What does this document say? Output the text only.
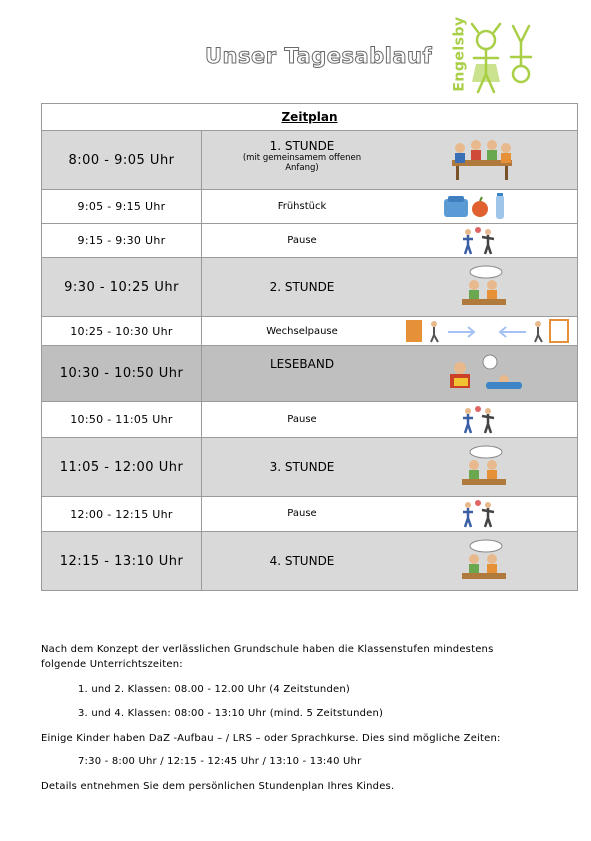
Unser Tagesablauf Engelsby
Zeitplan	
8:00 - 9:05 Uhr	1. STUNDE
(mit gemeinsamem offenen Anfang)

9:05 - 9:15 Uhr	Frühstück

9:15 - 9:30 Uhr	Pause

9:30 - 10:25 Uhr	2. STUNDE

10:25 - 10:30 Uhr	Wechselpause

10:30 - 10:50 Uhr	LESEBAND

10:50 - 11:05 Uhr	Pause

11:05 - 12:00 Uhr	3. STUNDE

12:00 - 12:15 Uhr	Pause

12:15 - 13:10 Uhr	4. STUNDE
Nach dem Konzept der verlässlichen Grundschule haben die Klassenstufen mindestens
folgende Unterrichtszeiten:
1. und 2. Klassen: 08.00 - 12.00 Uhr (4 Zeitstunden)
3. und 4. Klassen: 08:00 - 13:10 Uhr (mind. 5 Zeitstunden)
Einige Kinder haben DaZ -Aufbau – / LRS – oder Sprachkurse. Dies sind mögliche Zeiten:
7:30 - 8:00 Uhr / 12:15 - 12:45 Uhr / 13:10 - 13:40 Uhr
Details entnehmen Sie dem persönlichen Stundenplan Ihres Kindes.
